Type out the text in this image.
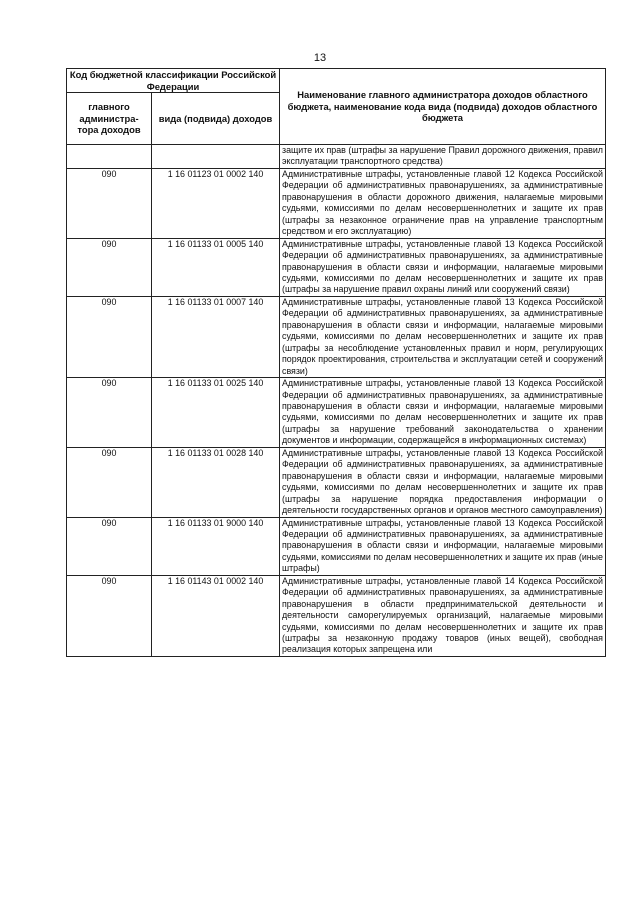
13
Код бюджетной классификации Российской Федерации		Наименование главного администратора доходов областного бюджета, наименование кода вида (подвида) доходов областного бюджета
главного администра-тора доходов	вида (подвида) доходов	
		защите их прав (штрафы за нарушение Правил дорожного движения, правил эксплуатации транспортного средства)
090	1 16 01123 01 0002 140	Административные штрафы, установленные главой 12 Кодекса Российской Федерации об административных правонарушениях, за административные правонарушения в области дорожного движения, налагаемые мировыми судьями, комиссиями по делам несовершеннолетних и защите их прав (штрафы за незаконное ограничение прав на управление транспортным средством и его эксплуатацию)
090	1 16 01133 01 0005 140	Административные штрафы, установленные главой 13 Кодекса Российской Федерации об административных правонарушениях, за административные правонарушения в области связи и информации, налагаемые мировыми судьями, комиссиями по делам несовершеннолетних и защите их прав (штрафы за нарушение правил охраны линий или сооружений связи)
090	1 16 01133 01 0007 140	Административные штрафы, установленные главой 13 Кодекса Российской Федерации об административных правонарушениях, за административные правонарушения в области связи и информации, налагаемые мировыми судьями, комиссиями по делам несовершеннолетних и защите их прав (штрафы за несоблюдение установленных правил и норм, регулирующих порядок проектирования, строительства и эксплуатации сетей и сооружений связи)
090	1 16 01133 01 0025 140	Административные штрафы, установленные главой 13 Кодекса Российской Федерации об административных правонарушениях, за административные правонарушения в области связи и информации, налагаемые мировыми судьями, комиссиями по делам несовершеннолетних и защите их прав (штрафы за нарушение требований законодательства о хранении документов и информации, содержащейся в информационных системах)
090	1 16 01133 01 0028 140	Административные штрафы, установленные главой 13 Кодекса Российской Федерации об административных правонарушениях, за административные правонарушения в области связи и информации, налагаемые мировыми судьями, комиссиями по делам несовершеннолетних и защите их прав (штрафы за нарушение порядка предоставления информации о деятельности государственных органов и органов местного самоуправления)
090	1 16 01133 01 9000 140	Административные штрафы, установленные главой 13 Кодекса Российской Федерации об административных правонарушениях, за административные правонарушения в области связи и информации, налагаемые мировыми судьями, комиссиями по делам несовершеннолетних и защите их прав (иные штрафы)
090	1 16 01143 01 0002 140	Административные штрафы, установленные главой 14 Кодекса Российской Федерации об административных правонарушениях, за административные правонарушения в области предпринимательской деятельности и деятельности саморегулируемых организаций, налагаемые мировыми судьями, комиссиями по делам несовершеннолетних и защите их прав (штрафы за незаконную продажу товаров (иных вещей), свободная реализация которых запрещена или
